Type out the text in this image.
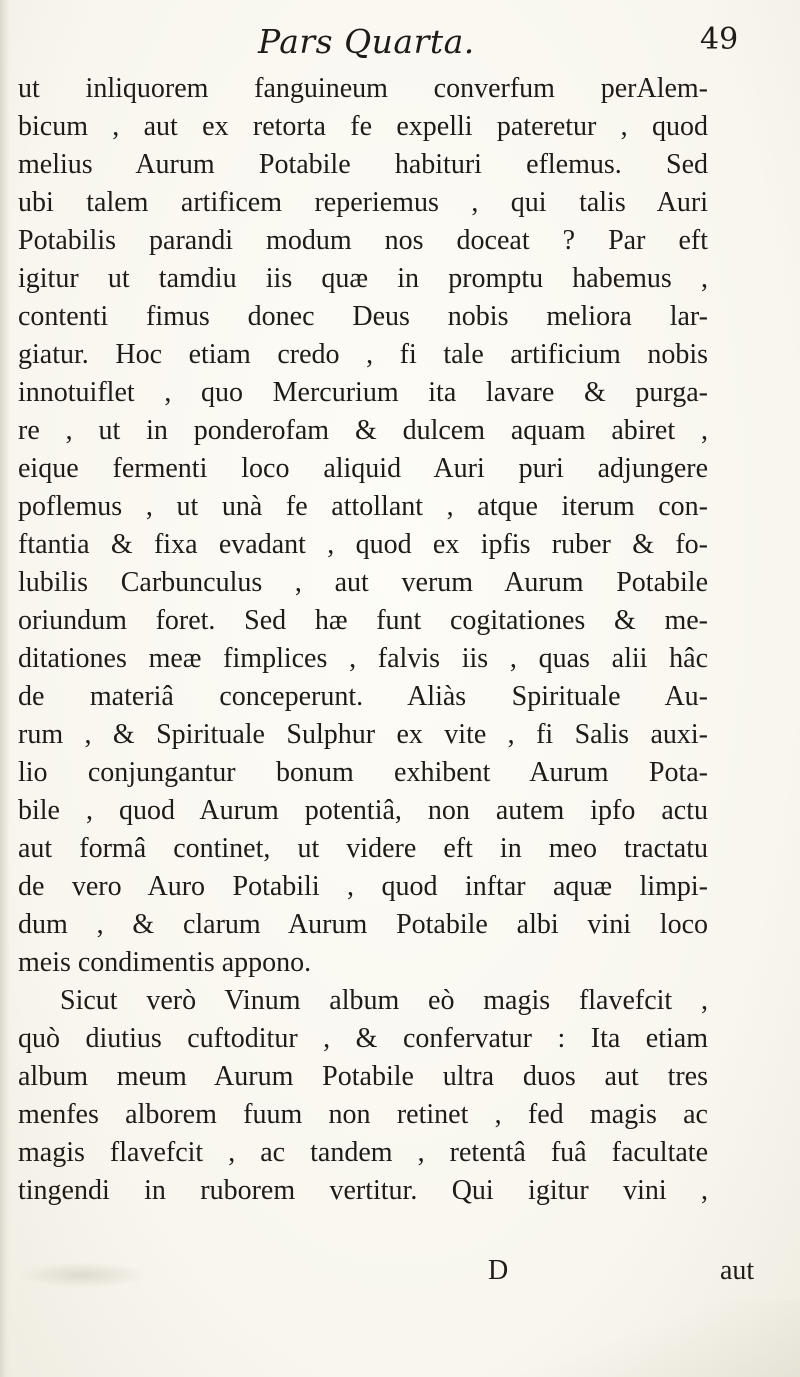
Pars Quarta.	49
ut inliquorem fanguineum converfum perAlem-
bicum , aut ex retorta fe expelli pateretur , quod
melius Aurum Potabile habituri eflemus. Sed
ubi talem artificem reperiemus , qui talis Auri
Potabilis parandi modum nos doceat ? Par eft
igitur ut tamdiu iis quæ in promptu habemus ,
contenti fimus donec Deus nobis meliora lar-
giatur. Hoc etiam credo , fi tale artificium nobis
innotuiflet , quo Mercurium ita lavare & purga-
re , ut in ponderofam & dulcem aquam abiret ,
eique fermenti loco aliquid Auri puri adjungere
poflemus , ut unà fe attollant , atque iterum con-
ftantia & fixa evadant , quod ex ipfis ruber & fo-
lubilis Carbunculus , aut verum Aurum Potabile
oriundum foret. Sed hæ funt cogitationes & me-
ditationes meæ fimplices , falvis iis , quas alii hâc
de materiâ conceperunt. Aliàs Spirituale Au-
rum , & Spirituale Sulphur ex vite , fi Salis auxi-
lio conjungantur bonum exhibent Aurum Pota-
bile , quod Aurum potentiâ, non autem ipfo actu
aut formâ continet, ut videre eft in meo tractatu
de vero Auro Potabili , quod inftar aquæ limpi-
dum , & clarum Aurum Potabile albi vini loco
meis condimentis appono.
Sicut verò Vinum album eò magis flavefcit ,
quò diutius cuftoditur , & confervatur : Ita etiam
album meum Aurum Potabile ultra duos aut tres
menfes alborem fuum non retinet , fed magis ac
magis flavefcit , ac tandem , retentâ fuâ facultate
tingendi in ruborem vertitur. Qui igitur vini ,
D	aut
